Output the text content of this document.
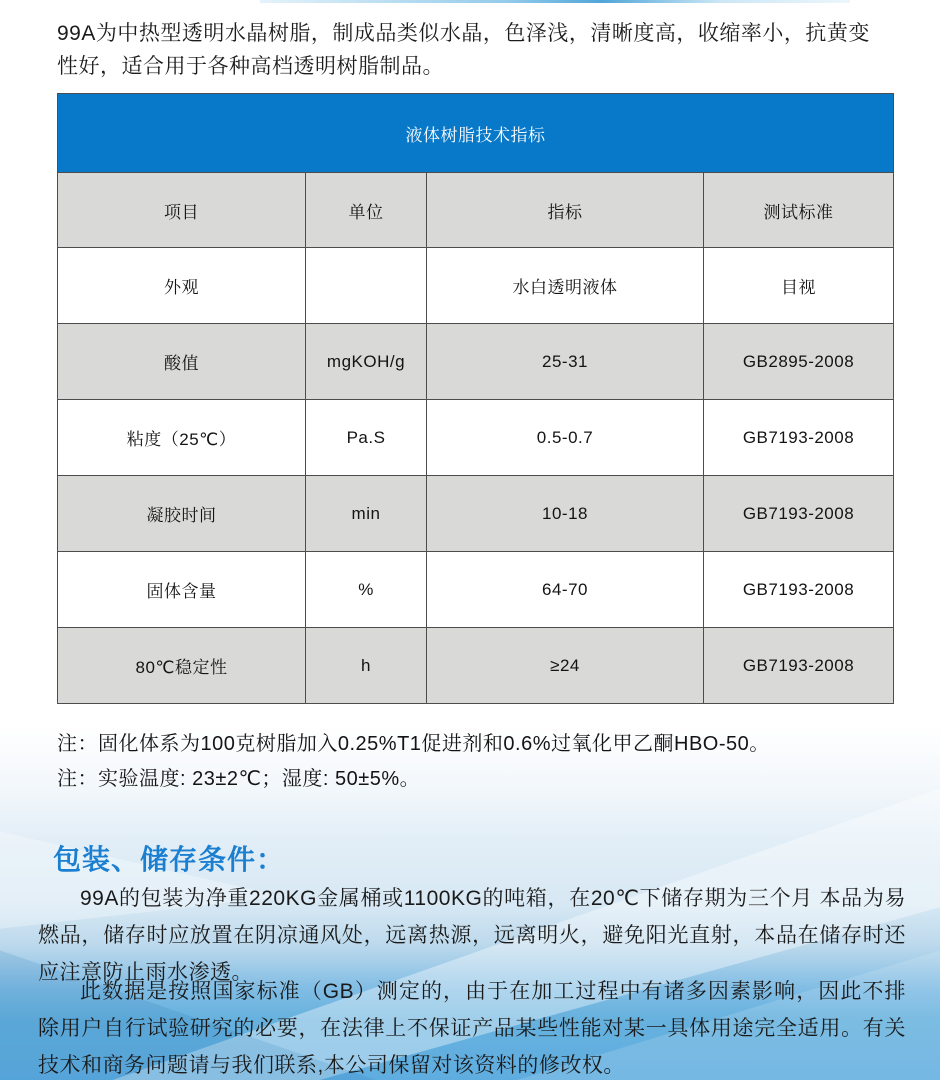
99A为中热型透明水晶树脂，制成品类似水晶，色泽浅，清晰度高，收缩率小，抗黄变性好，适合用于各种高档透明树脂制品。
液体树脂技术指标			
项目	单位	指标	测试标准
外观		水白透明液体	目视
酸值	mgKOH/g	25-31	GB2895-2008
粘度（25℃）	Pa.S	0.5-0.7	GB7193-2008
凝胶时间	min	10-18	GB7193-2008
固体含量	%	64-70	GB7193-2008
80℃稳定性	h	≥24	GB7193-2008
注：固化体系为100克树脂加入0.25%T1促进剂和0.6%过氧化甲乙酮HBO-50。
注：实验温度: 23±2℃；湿度: 50±5%。
包装、储存条件：
99A的包装为净重220KG金属桶或1100KG的吨箱，在20℃下储存期为三个月 本品为易燃品，储存时应放置在阴凉通风处，远离热源，远离明火，避免阳光直射，本品在储存时还应注意防止雨水渗透。
此数据是按照国家标准（GB）测定的，由于在加工过程中有诸多因素影响，因此不排除用户自行试验研究的必要，在法律上不保证产品某些性能对某一具体用途完全适用。有关技术和商务问题请与我们联系,本公司保留对该资料的修改权。
